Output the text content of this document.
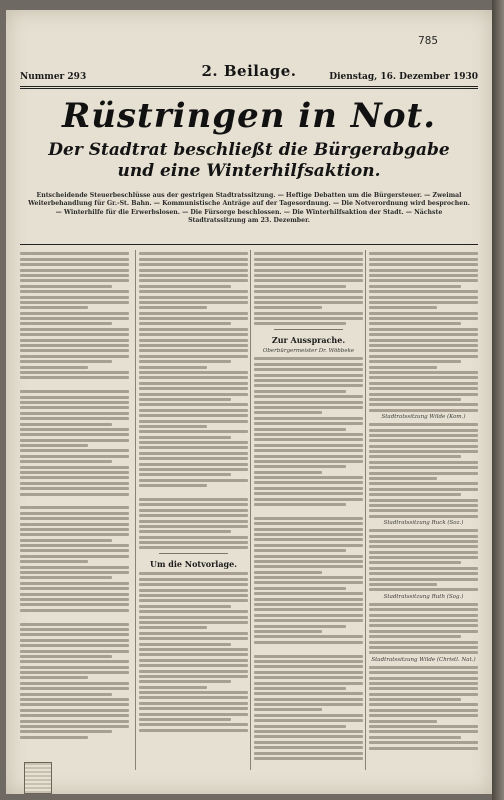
785
Nummer 293	2. Beilage.	Dienstag, 16. Dezember 1930
Rüstringen in Not.
Der Stadtrat beschließt die Bürgerabgabe und eine Winterhilfsaktion.
Entscheidende Steuerbeschlüsse aus der gestrigen Stadtratssitzung. — Heftige Debatten um die Bürgersteuer. — Zweimal Weiterbehandlung für Gr.-St. Bahn. — Kommunistische Anträge auf der Tagesordnung. — Die Notverordnung wird besprochen. — Winterhilfe für die Erwerbslosen. — Die Fürsorge beschlossen. — Die Winterhilfsaktion der Stadt. — Nächste Stadtratssitzung am 23. Dezember.
Um die Notvorlage.
Zur Aussprache.
Oberbürgermeister Dr. Wöbbeke
Stadtratssitzung Wilde (Kom.)
Stadtratssitzung Ruck (Soz.)
Stadtratssitzung Ruth (Sog.)
Stadtratssitzung Wilde (Christl. Nat.)
